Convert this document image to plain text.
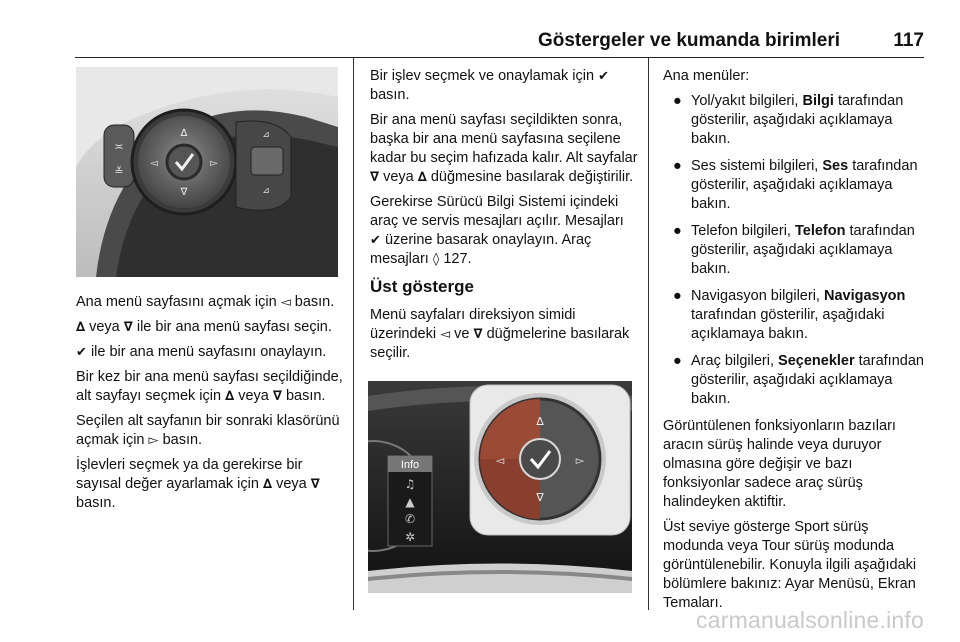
Göstergeler ve kumanda birimleri	117
≍
≚
∆
∇
◅	▻
⊿
⊿

Ana menü sayfasını açmak için ◅ basın.

∆ veya ∇ ile bir ana menü sayfası seçin.

✔ ile bir ana menü sayfasını onaylayın.

Bir kez bir ana menü sayfası seçildiğinde, alt sayfayı seçmek için ∆ veya ∇ basın.

Seçilen alt sayfanın bir sonraki klasörünü açmak için ▻ basın.

İşlevleri seçmek ya da gerekirse bir sayısal değer ayarlamak için ∆ veya ∇ basın.

Bir işlev seçmek ve onaylamak için ✔ basın.

Bir ana menü sayfası seçildikten sonra, başka bir ana menü sayfasına seçilene kadar bu seçim hafızada kalır. Alt sayfalar ∇ veya ∆ düğmesine basılarak değiştirilir.

Gerekirse Sürücü Bilgi Sistemi içindeki araç ve servis mesajları açılır. Mesajları ✔ üzerine basarak onaylayın. Araç mesajları ◊ 127.

Üst gösterge

Menü sayfaları direksiyon simidi üzerindeki ◅ ve ∇ düğmelerine basılarak seçilir.

Info
♫
▲
✆
✲
∆
∇
◅	▻

Ana menüler:

● Yol/yakıt bilgileri, Bilgi tarafından gösterilir, aşağıdaki açıklamaya bakın.
● Ses sistemi bilgileri, Ses tarafından gösterilir, aşağıdaki açıklamaya bakın.
● Telefon bilgileri, Telefon tarafından gösterilir, aşağıdaki açıklamaya bakın.
● Navigasyon bilgileri, Navigasyon tarafından gösterilir, aşağıdaki açıklamaya bakın.
● Araç bilgileri, Seçenekler tarafından gösterilir, aşağıdaki açıklamaya bakın.

Görüntülenen fonksiyonların bazıları aracın sürüş halinde veya duruyor olmasına göre değişir ve bazı fonksiyonlar sadece araç sürüş halindeyken aktiftir.

Üst seviye gösterge Sport sürüş modunda veya Tour sürüş modunda görüntülenebilir. Konuyla ilgili aşağıdaki bölümlere bakınız: Ayar Menüsü, Ekran Temaları.

carmanualsonline.info
